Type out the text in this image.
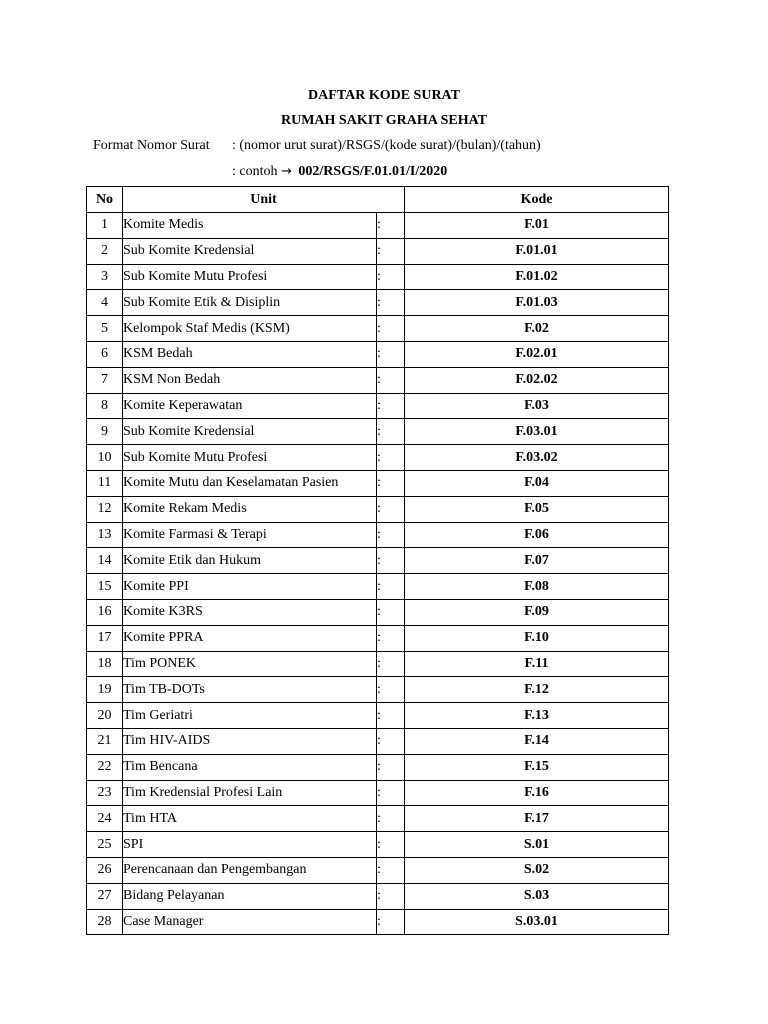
DAFTAR KODE SURAT
RUMAH SAKIT GRAHA SEHAT
Format Nomor Surat : (nomor urut surat)/RSGS/(kode surat)/(bulan)/(tahun)
: contoh → 002/RSGS/F.01.01/I/2020
No	Unit		Kode
1	Komite Medis	:	F.01
2	Sub Komite Kredensial	:	F.01.01
3	Sub Komite Mutu Profesi	:	F.01.02
4	Sub Komite Etik & Disiplin	:	F.01.03
5	Kelompok Staf Medis (KSM)	:	F.02
6	KSM Bedah	:	F.02.01
7	KSM Non Bedah	:	F.02.02
8	Komite Keperawatan	:	F.03
9	Sub Komite Kredensial	:	F.03.01
10	Sub Komite Mutu Profesi	:	F.03.02
11	Komite Mutu dan Keselamatan Pasien	:	F.04
12	Komite Rekam Medis	:	F.05
13	Komite Farmasi & Terapi	:	F.06
14	Komite Etik dan Hukum	:	F.07
15	Komite PPI	:	F.08
16	Komite K3RS	:	F.09
17	Komite PPRA	:	F.10
18	Tim PONEK	:	F.11
19	Tim TB-DOTs	:	F.12
20	Tim Geriatri	:	F.13
21	Tim HIV-AIDS	:	F.14
22	Tim Bencana	:	F.15
23	Tim Kredensial Profesi Lain	:	F.16
24	Tim HTA	:	F.17
25	SPI	:	S.01
26	Perencanaan dan Pengembangan	:	S.02
27	Bidang Pelayanan	:	S.03
28	Case Manager	:	S.03.01
